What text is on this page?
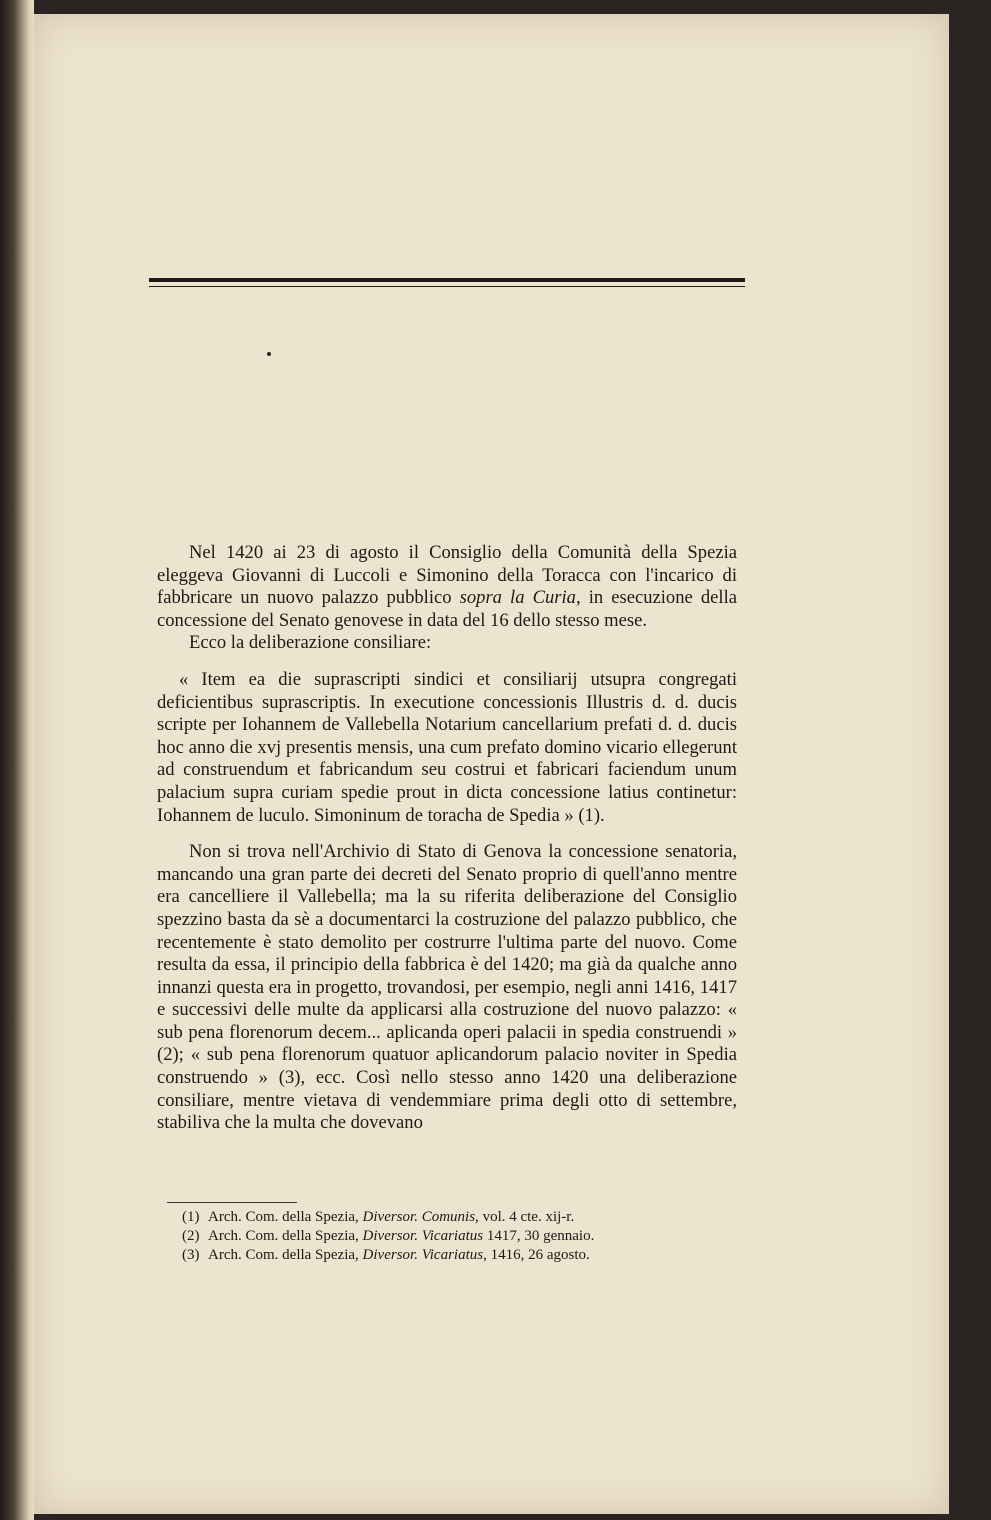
Nel 1420 ai 23 di agosto il Consiglio della Comunità della Spezia eleggeva Giovanni di Luccoli e Simonino della Toracca con l'incarico di fabbricare un nuovo palazzo pubblico sopra la Curia, in esecuzione della concessione del Senato genovese in data del 16 dello stesso mese.

Ecco la deliberazione consiliare:

« Item ea die suprascripti sindici et consiliarij utsupra congregati deficientibus suprascriptis. In executione concessionis Illustris d. d. ducis scripte per Iohannem de Vallebella Notarium cancellarium prefati d. d. ducis hoc anno die xvj presentis mensis, una cum prefato domino vicario ellegerunt ad construendum et fabricandum seu costrui et fabricari faciendum unum palacium supra curiam spedie prout in dicta concessione latius continetur: Iohannem de luculo. Simoninum de toracha de Spedia » (1).

Non si trova nell'Archivio di Stato di Genova la concessione senatoria, mancando una gran parte dei decreti del Senato proprio di quell'anno mentre era cancelliere il Vallebella; ma la su riferita deliberazione del Consiglio spezzino basta da sè a documentarci la costruzione del palazzo pubblico, che recentemente è stato demolito per costrurre l'ultima parte del nuovo. Come resulta da essa, il principio della fabbrica è del 1420; ma già da qualche anno innanzi questa era in progetto, trovandosi, per esempio, negli anni 1416, 1417 e successivi delle multe da applicarsi alla costruzione del nuovo palazzo: « sub pena florenorum decem... aplicanda operi palacii in spedia construendi » (2); « sub pena florenorum quatuor aplicandorum palacio noviter in Spedia construendo » (3), ecc. Così nello stesso anno 1420 una deliberazione consiliare, mentre vietava di vendemmiare prima degli otto di settembre, stabiliva che la multa che dovevano

(1) Arch. Com. della Spezia, Diversor. Comunis, vol. 4 cte. xij-r.
(2) Arch. Com. della Spezia, Diversor. Vicariatus 1417, 30 gennaio.
(3) Arch. Com. della Spezia, Diversor. Vicariatus, 1416, 26 agosto.
